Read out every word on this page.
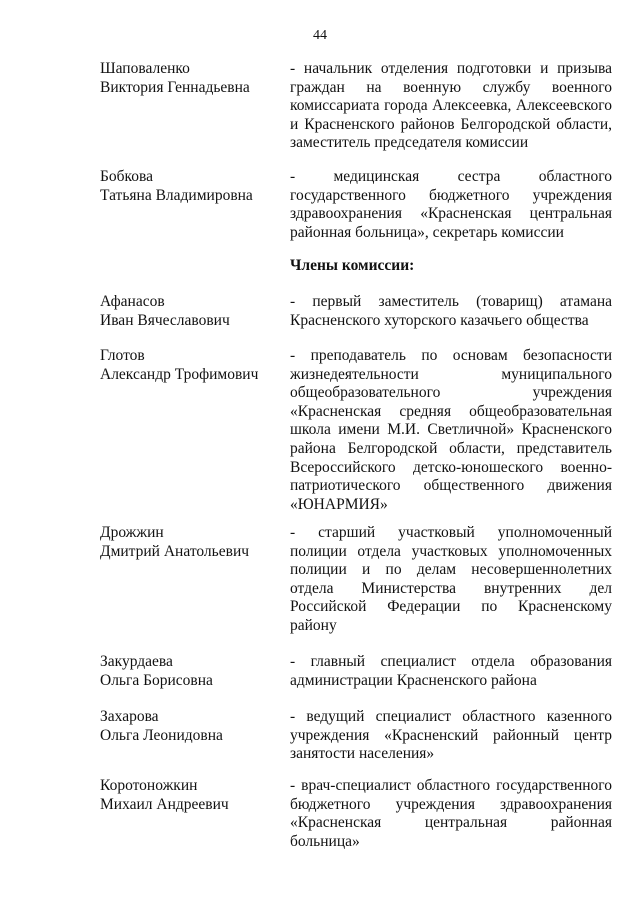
44
Члены комиссии:
Шаповаленко
Виктория Геннадьевна
- начальник отделения подготовки и призыва
граждан на военную службу военного
комиссариата города Алексеевка, Алексеевского
и Красненского районов Белгородской области,
заместитель председателя комиссии
Бобкова
Татьяна Владимировна
- медицинская сестра областного
государственного бюджетного учреждения
здравоохранения «Красненская центральная
районная больница», секретарь комиссии
Афанасов
Иван Вячеславович
- первый заместитель (товарищ) атамана
Красненского хуторского казачьего общества
Глотов
Александр Трофимович
- преподаватель по основам безопасности
жизнедеятельности муниципального
общеобразовательного учреждения
«Красненская средняя общеобразовательная
школа имени М.И. Светличной» Красненского
района Белгородской области, представитель
Всероссийского детско-юношеского военно-
патриотического общественного движения
«ЮНАРМИЯ»
Дрожжин
Дмитрий Анатольевич
- старший участковый уполномоченный
полиции отдела участковых уполномоченных
полиции и по делам несовершеннолетних
отдела Министерства внутренних дел
Российской Федерации по Красненскому
району
Закурдаева
Ольга Борисовна
- главный специалист отдела образования
администрации Красненского района
Захарова
Ольга Леонидовна
- ведущий специалист областного казенного
учреждения «Красненский районный центр
занятости населения»
Коротоножкин
Михаил Андреевич
- врач-специалист областного государственного
бюджетного учреждения здравоохранения
«Красненская центральная районная
больница»
